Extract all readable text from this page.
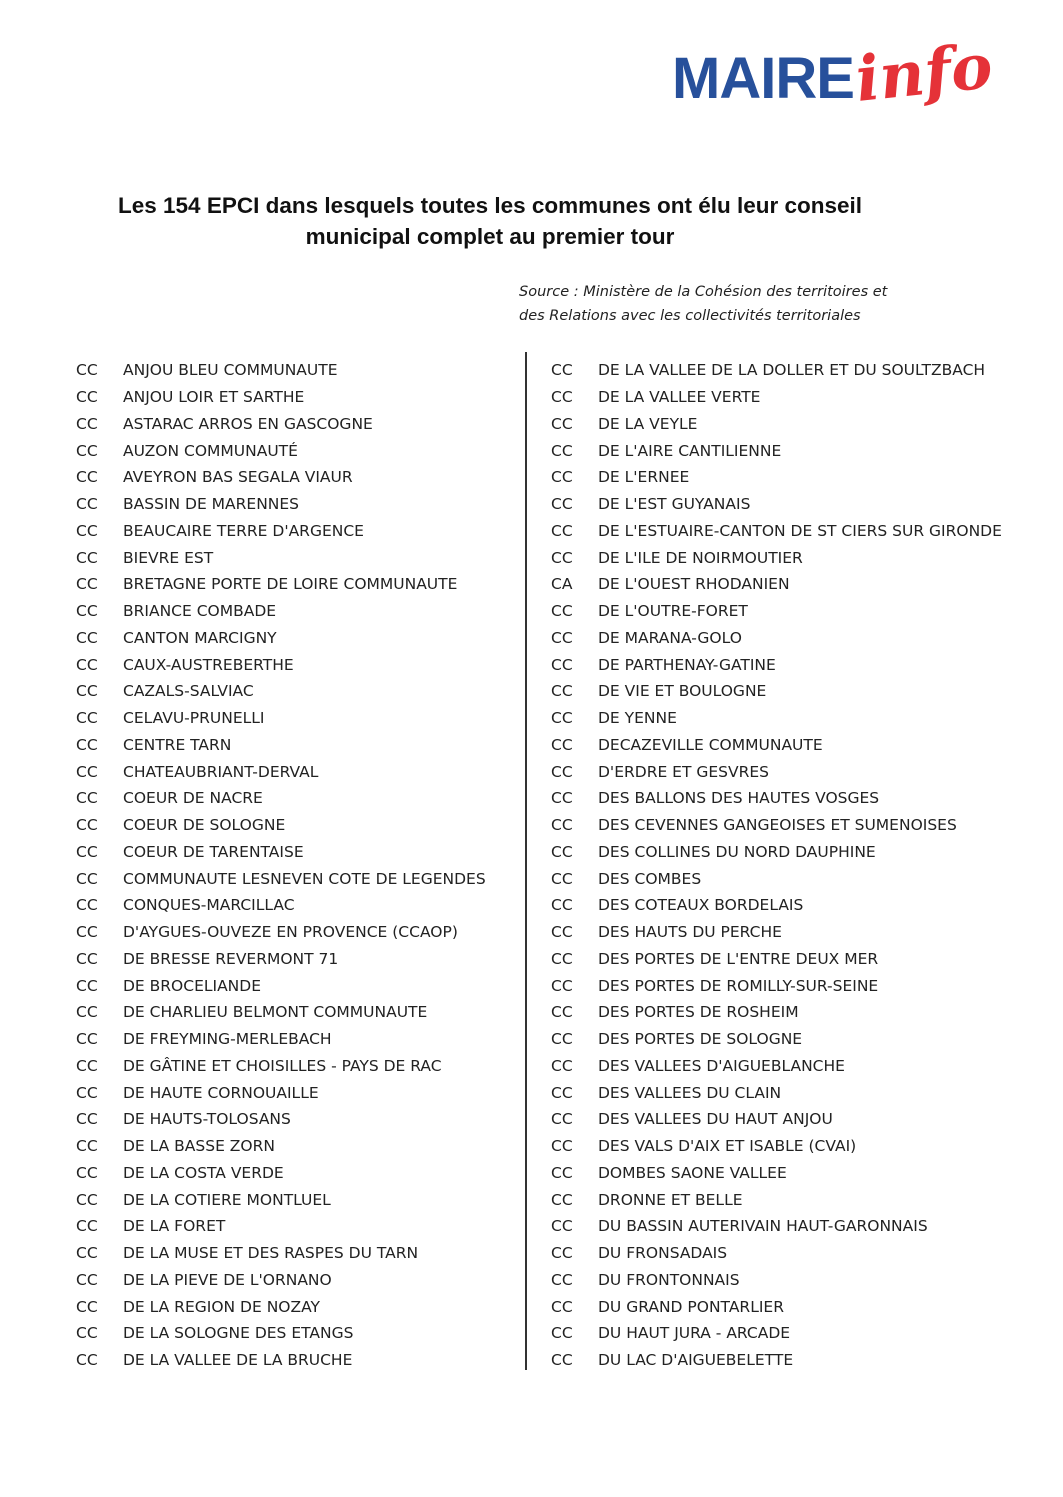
MAIRE
info
Les 154 EPCI dans lesquels toutes les communes ont élu leur conseil
municipal complet au premier tour
Source : Ministère de la Cohésion des territoires et
des Relations avec les collectivités territoriales
CC	ANJOU BLEU COMMUNAUTE
CC	ANJOU LOIR ET SARTHE
CC	ASTARAC ARROS EN GASCOGNE
CC	AUZON COMMUNAUTÉ
CC	AVEYRON BAS SEGALA VIAUR
CC	BASSIN DE MARENNES
CC	BEAUCAIRE TERRE D'ARGENCE
CC	BIEVRE EST
CC	BRETAGNE PORTE DE LOIRE COMMUNAUTE
CC	BRIANCE COMBADE
CC	CANTON MARCIGNY
CC	CAUX-AUSTREBERTHE
CC	CAZALS-SALVIAC
CC	CELAVU-PRUNELLI
CC	CENTRE TARN
CC	CHATEAUBRIANT-DERVAL
CC	COEUR DE NACRE
CC	COEUR DE SOLOGNE
CC	COEUR DE TARENTAISE
CC	COMMUNAUTE LESNEVEN COTE DE LEGENDES
CC	CONQUES-MARCILLAC
CC	D'AYGUES-OUVEZE EN PROVENCE (CCAOP)
CC	DE BRESSE REVERMONT 71
CC	DE BROCELIANDE
CC	DE CHARLIEU BELMONT COMMUNAUTE
CC	DE FREYMING-MERLEBACH
CC	DE GÂTINE ET CHOISILLES - PAYS DE RAC
CC	DE HAUTE CORNOUAILLE
CC	DE HAUTS-TOLOSANS
CC	DE LA BASSE ZORN
CC	DE LA COSTA VERDE
CC	DE LA COTIERE MONTLUEL
CC	DE LA FORET
CC	DE LA MUSE ET DES RASPES DU TARN
CC	DE LA PIEVE DE L'ORNANO
CC	DE LA REGION DE NOZAY
CC	DE LA SOLOGNE DES ETANGS
CC	DE LA VALLEE DE LA BRUCHE
CC	DE LA VALLEE DE LA DOLLER ET DU SOULTZBACH
CC	DE LA VALLEE VERTE
CC	DE LA VEYLE
CC	DE L'AIRE CANTILIENNE
CC	DE L'ERNEE
CC	DE L'EST GUYANAIS
CC	DE L'ESTUAIRE-CANTON DE ST CIERS SUR GIRONDE
CC	DE L'ILE DE NOIRMOUTIER
CA	DE L'OUEST RHODANIEN
CC	DE L'OUTRE-FORET
CC	DE MARANA-GOLO
CC	DE PARTHENAY-GATINE
CC	DE VIE ET BOULOGNE
CC	DE YENNE
CC	DECAZEVILLE COMMUNAUTE
CC	D'ERDRE ET GESVRES
CC	DES BALLONS DES HAUTES VOSGES
CC	DES CEVENNES GANGEOISES ET SUMENOISES
CC	DES COLLINES DU NORD DAUPHINE
CC	DES COMBES
CC	DES COTEAUX BORDELAIS
CC	DES HAUTS DU PERCHE
CC	DES PORTES DE L'ENTRE DEUX MER
CC	DES PORTES DE ROMILLY-SUR-SEINE
CC	DES PORTES DE ROSHEIM
CC	DES PORTES DE SOLOGNE
CC	DES VALLEES D'AIGUEBLANCHE
CC	DES VALLEES DU CLAIN
CC	DES VALLEES DU HAUT ANJOU
CC	DES VALS D'AIX ET ISABLE (CVAI)
CC	DOMBES SAONE VALLEE
CC	DRONNE ET BELLE
CC	DU BASSIN AUTERIVAIN HAUT-GARONNAIS
CC	DU FRONSADAIS
CC	DU FRONTONNAIS
CC	DU GRAND PONTARLIER
CC	DU HAUT JURA - ARCADE
CC	DU LAC D'AIGUEBELETTE
